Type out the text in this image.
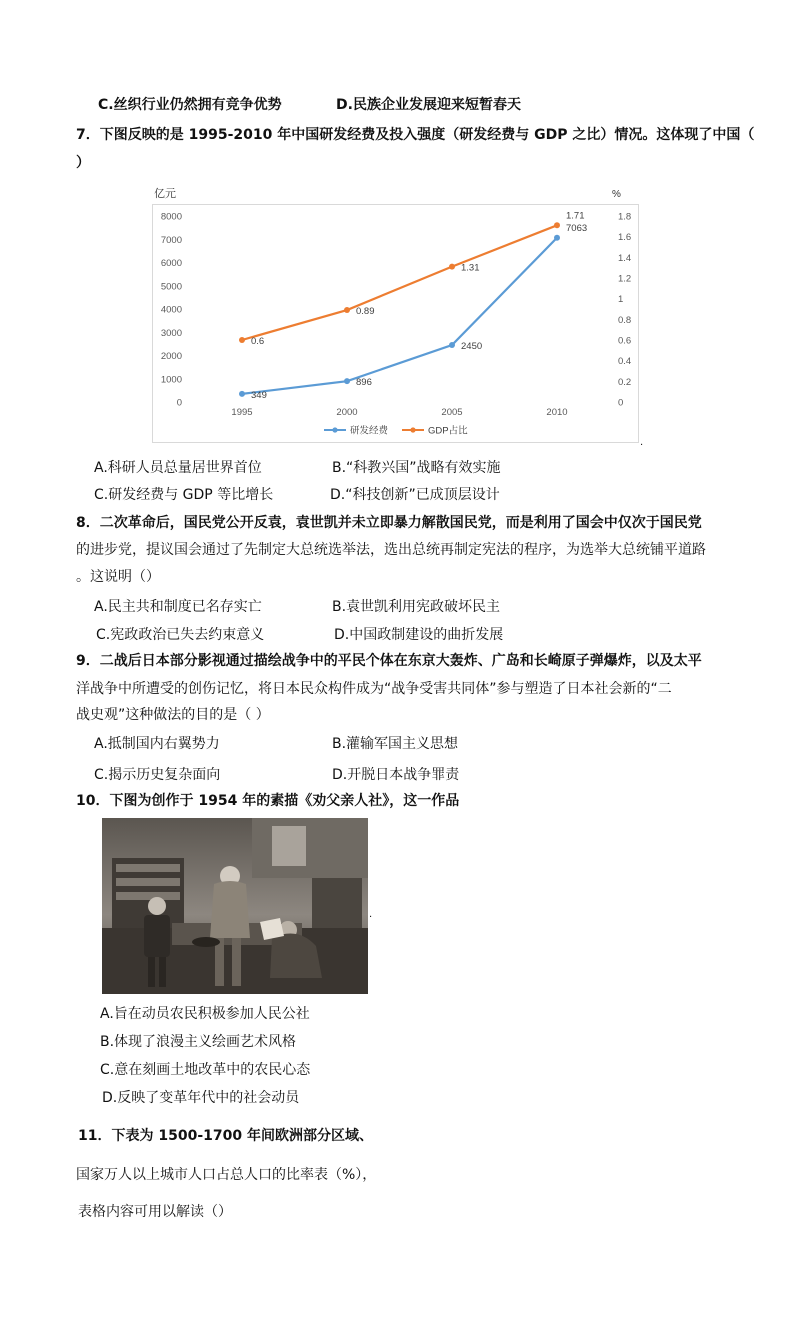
C.丝织行业仍然拥有竞争优势	D.民族企业发展迎来短暂春天
7．下图反映的是 1995-2010 年中国研发经费及投入强度（研发经费与 GDP 之比）情况。这体现了中国（
）
亿元	%
0
1000
2000
3000
4000
5000
6000
7000
8000
0
0.2
0.4
0.6
0.8
1
1.2
1.4
1.6
1.8
1995	2000	2005	2010
349
896
2450
7063
0.6
0.89
1.31
1.71
研发经费	GDP占比
.
A.科研人员总量居世界首位	B.“科教兴国”战略有效实施
C.研发经费与 GDP 等比增长	D.“科技创新”已成顶层设计
8．二次革命后，国民党公开反袁，袁世凯并未立即暴力解散国民党，而是利用了国会中仅次于国民党
的进步党，提议国会通过了先制定大总统选举法，选出总统再制定宪法的程序，为选举大总统铺平道路
。这说明（）
A.民主共和制度已名存实亡	B.袁世凯利用宪政破坏民主
C.宪政政治已失去约束意义	D.中国政制建设的曲折发展
9．二战后日本部分影视通过描绘战争中的平民个体在东京大轰炸、广岛和长崎原子弹爆炸，以及太平
洋战争中所遭受的创伤记忆，将日本民众构件成为“战争受害共同体”参与塑造了日本社会新的“二
战史观”这种做法的目的是（ ）
A.抵制国内右翼势力	B.灌输军国主义思想
C.揭示历史复杂面向	D.开脱日本战争罪责
10．下图为创作于 1954 年的素描《劝父亲人社》，这一作品
.
A.旨在动员农民积极参加人民公社
B.体现了浪漫主义绘画艺术风格
C.意在刻画土地改革中的农民心态
D.反映了变革年代中的社会动员
11．下表为 1500-1700 年间欧洲部分区域、
国家万人以上城市人口占总人口的比率表（%），
表格内容可用以解读（）
